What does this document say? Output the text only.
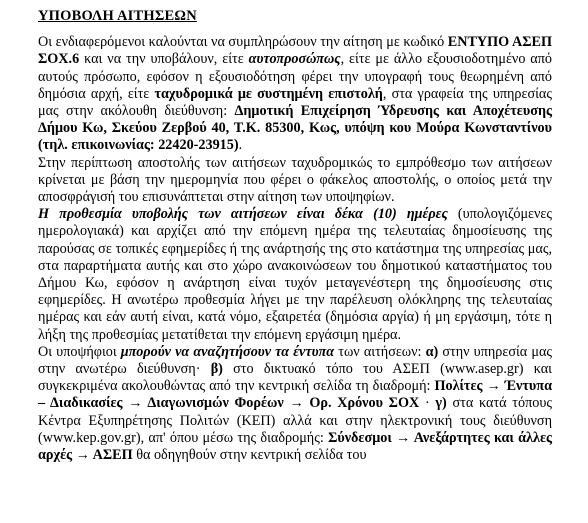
ΥΠΟΒΟΛΗ ΑΙΤΗΣΕΩΝ

Οι ενδιαφερόμενοι καλούνται να συμπληρώσουν την αίτηση με κωδικό ΕΝΤΥΠΟ ΑΣΕΠ ΣΟΧ.6 και να την υποβάλουν, είτε αυτοπροσώπως, είτε με άλλο εξουσιοδοτημένο από αυτούς πρόσωπο, εφόσον η εξουσιοδότηση φέρει την υπογραφή τους θεωρημένη από δημόσια αρχή, είτε ταχυδρομικά με συστημένη επιστολή, στα γραφεία της υπηρεσίας μας στην ακόλουθη διεύθυνση: Δημοτική Επιχείρηση Ύδρευσης και Αποχέτευσης Δήμου Κω, Σκεύου Ζερβού 40, Τ.Κ. 85300, Κως, υπόψη κου Μούρα Κωνσταντίνου (τηλ. επικοινωνίας: 22420-23915).

Στην περίπτωση αποστολής των αιτήσεων ταχυδρομικώς το εμπρόθεσμο των αιτήσεων κρίνεται με βάση την ημερομηνία που φέρει ο φάκελος αποστολής, ο οποίος μετά την αποσφράγισή του επισυνάπτεται στην αίτηση των υποψηφίων.

Η προθεσμία υποβολής των αιτήσεων είναι δέκα (10) ημέρες (υπολογιζόμενες ημερολογιακά) και αρχίζει από την επόμενη ημέρα της τελευταίας δημοσίευσης της παρούσας σε τοπικές εφημερίδες ή της ανάρτησής της στο κατάστημα της υπηρεσίας μας, στα παραρτήματα αυτής και στο χώρο ανακοινώσεων του δημοτικού καταστήματος του Δήμου Κω, εφόσον η ανάρτηση είναι τυχόν μεταγενέστερη της δημοσίευσης στις εφημερίδες. Η ανωτέρω προθεσμία λήγει με την παρέλευση ολόκληρης της τελευταίας ημέρας και εάν αυτή είναι, κατά νόμο, εξαιρετέα (δημόσια αργία) ή μη εργάσιμη, τότε η λήξη της προθεσμίας μετατίθεται την επόμενη εργάσιμη ημέρα.

Οι υποψήφιοι μπορούν να αναζητήσουν τα έντυπα των αιτήσεων: α) στην υπηρεσία μας στην ανωτέρω διεύθυνση· β) στο δικτυακό τόπο του ΑΣΕΠ (www.asep.gr) και συγκεκριμένα ακολουθώντας από την κεντρική σελίδα τη διαδρομή: Πολίτες → Έντυπα – Διαδικασίες → Διαγωνισμών Φορέων → Ορ. Χρόνου ΣΟΧ · γ) στα κατά τόπους Κέντρα Εξυπηρέτησης Πολιτών (ΚΕΠ) αλλά και στην ηλεκτρονική τους διεύθυνση (www.kep.gov.gr), απ' όπου μέσω της διαδρομής: Σύνδεσμοι → Ανεξάρτητες και άλλες αρχές → ΑΣΕΠ θα οδηγηθούν στην κεντρική σελίδα του
